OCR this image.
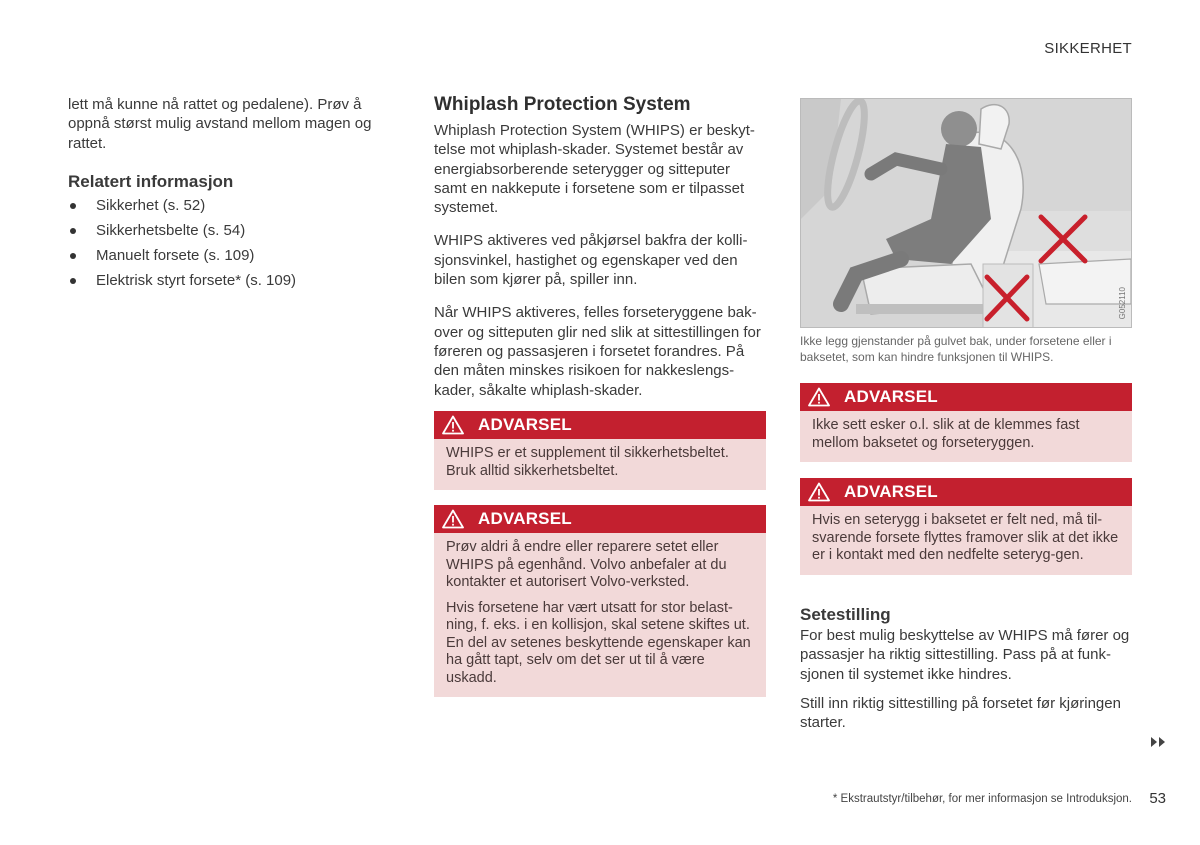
SIKKERHET

lett må kunne nå rattet og pedalene). Prøv å oppnå størst mulig avstand mellom magen og rattet.

Relatert informasjon
Sikkerhet (s. 52)
Sikkerhetsbelte (s. 54)
Manuelt forsete (s. 109)
Elektrisk styrt forsete* (s. 109)
Whiplash Protection System

Whiplash Protection System (WHIPS) er beskyt-telse mot whiplash-skader. Systemet består av energiabsorberende seterygger og sitteputer samt en nakkepute i forsetene som er tilpasset systemet.

WHIPS aktiveres ved påkjørsel bakfra der kolli-sjonsvinkel, hastighet og egenskaper ved den bilen som kjører på, spiller inn.

Når WHIPS aktiveres, felles forseteryggene bak-over og sitteputen glir ned slik at sittestillingen for føreren og passasjeren i forsetet forandres. På den måten minskes risikoen for nakkeslengs-kader, såkalte whiplash-skader.

ADVARSEL

WHIPS er et supplement til sikkerhetsbeltet. Bruk alltid sikkerhetsbeltet.

ADVARSEL

Prøv aldri å endre eller reparere setet eller WHIPS på egenhånd. Volvo anbefaler at du kontakter et autorisert Volvo-verksted.

Hvis forsetene har vært utsatt for stor belast-ning, f. eks. i en kollisjon, skal setene skiftes ut. En del av setenes beskyttende egenskaper kan ha gått tapt, selv om det ser ut til å være uskadd.

G052110

Ikke legg gjenstander på gulvet bak, under forsetene eller i baksetet, som kan hindre funksjonen til WHIPS.

ADVARSEL

Ikke sett esker o.l. slik at de klemmes fast mellom baksetet og forseteryggen.

ADVARSEL

Hvis en seterygg i baksetet er felt ned, må til-svarende forsete flyttes framover slik at det ikke er i kontakt med den nedfelte seteryg-gen.

Setestilling

For best mulig beskyttelse av WHIPS må fører og passasjer ha riktig sittestilling. Pass på at funk-sjonen til systemet ikke hindres.

Still inn riktig sittestilling på forsetet før kjøringen starter.

* Ekstrautstyr/tilbehør, for mer informasjon se Introduksjon. 53
